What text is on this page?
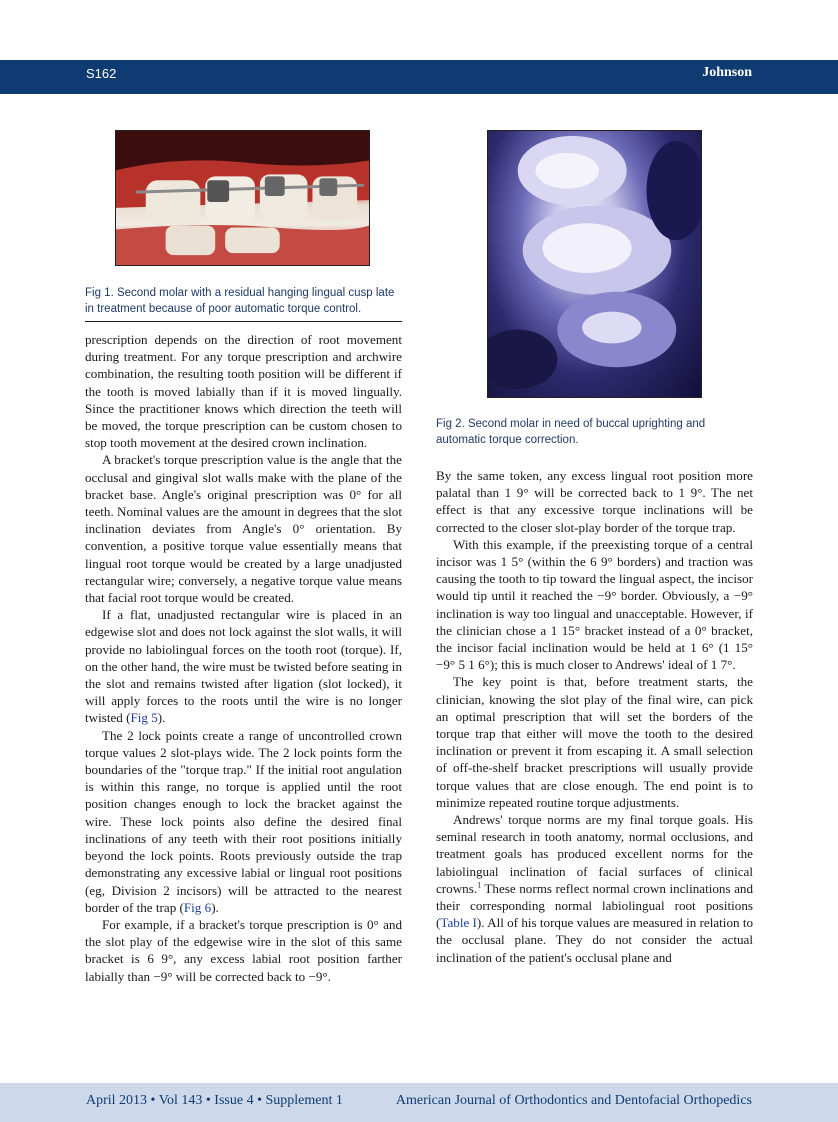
S162	Johnson
Fig 1. Second molar with a residual hanging lingual cusp late in treatment because of poor automatic torque control.
Fig 2. Second molar in need of buccal uprighting and automatic torque correction.

prescription depends on the direction of root movement during treatment. For any torque prescription and archwire combination, the resulting tooth position will be different if the tooth is moved labially than if it is moved lingually. Since the practitioner knows which direction the teeth will be moved, the torque prescription can be custom chosen to stop tooth movement at the desired crown inclination.

A bracket's torque prescription value is the angle that the occlusal and gingival slot walls make with the plane of the bracket base. Angle's original prescription was 0° for all teeth. Nominal values are the amount in degrees that the slot inclination deviates from Angle's 0° orientation. By convention, a positive torque value essentially means that lingual root torque would be created by a large unadjusted rectangular wire; conversely, a negative torque value means that facial root torque would be created.

If a flat, unadjusted rectangular wire is placed in an edgewise slot and does not lock against the slot walls, it will provide no labiolingual forces on the tooth root (torque). If, on the other hand, the wire must be twisted before seating in the slot and remains twisted after ligation (slot locked), it will apply forces to the roots until the wire is no longer twisted (Fig 5).

The 2 lock points create a range of uncontrolled crown torque values 2 slot-plays wide. The 2 lock points form the boundaries of the "torque trap." If the initial root angulation is within this range, no torque is applied until the root position changes enough to lock the bracket against the wire. These lock points also define the desired final inclinations of any teeth with their root positions initially beyond the lock points. Roots previously outside the trap demonstrating any excessive labial or lingual root positions (eg, Division 2 incisors) will be attracted to the nearest border of the trap (Fig 6).

For example, if a bracket's torque prescription is 0° and the slot play of the edgewise wire in the slot of this same bracket is 6 9°, any excess labial root position farther labially than −9° will be corrected back to −9°.

By the same token, any excess lingual root position more palatal than 1 9° will be corrected back to 1 9°. The net effect is that any excessive torque inclinations will be corrected to the closer slot-play border of the torque trap.

With this example, if the preexisting torque of a central incisor was 1 5° (within the 6 9° borders) and traction was causing the tooth to tip toward the lingual aspect, the incisor would tip until it reached the −9° border. Obviously, a −9° inclination is way too lingual and unacceptable. However, if the clinician chose a 1 15° bracket instead of a 0° bracket, the incisor facial inclination would be held at 1 6° (1 15° −9° 5 1 6°); this is much closer to Andrews' ideal of 1 7°.

The key point is that, before treatment starts, the clinician, knowing the slot play of the final wire, can pick an optimal prescription that will set the borders of the torque trap that either will move the tooth to the desired inclination or prevent it from escaping it. A small selection of off-the-shelf bracket prescriptions will usually provide torque values that are close enough. The end point is to minimize repeated routine torque adjustments.

Andrews' torque norms are my final torque goals. His seminal research in tooth anatomy, normal occlusions, and treatment goals has produced excellent norms for the labiolingual inclination of facial surfaces of clinical crowns.$^1$ These norms reflect normal crown inclinations and their corresponding normal labiolingual root positions (Table I). All of his torque values are measured in relation to the occlusal plane. They do not consider the actual inclination of the patient's occlusal plane and

April 2013 • Vol 143 • Issue 4 • Supplement 1	American Journal of Orthodontics and Dentofacial Orthopedics
